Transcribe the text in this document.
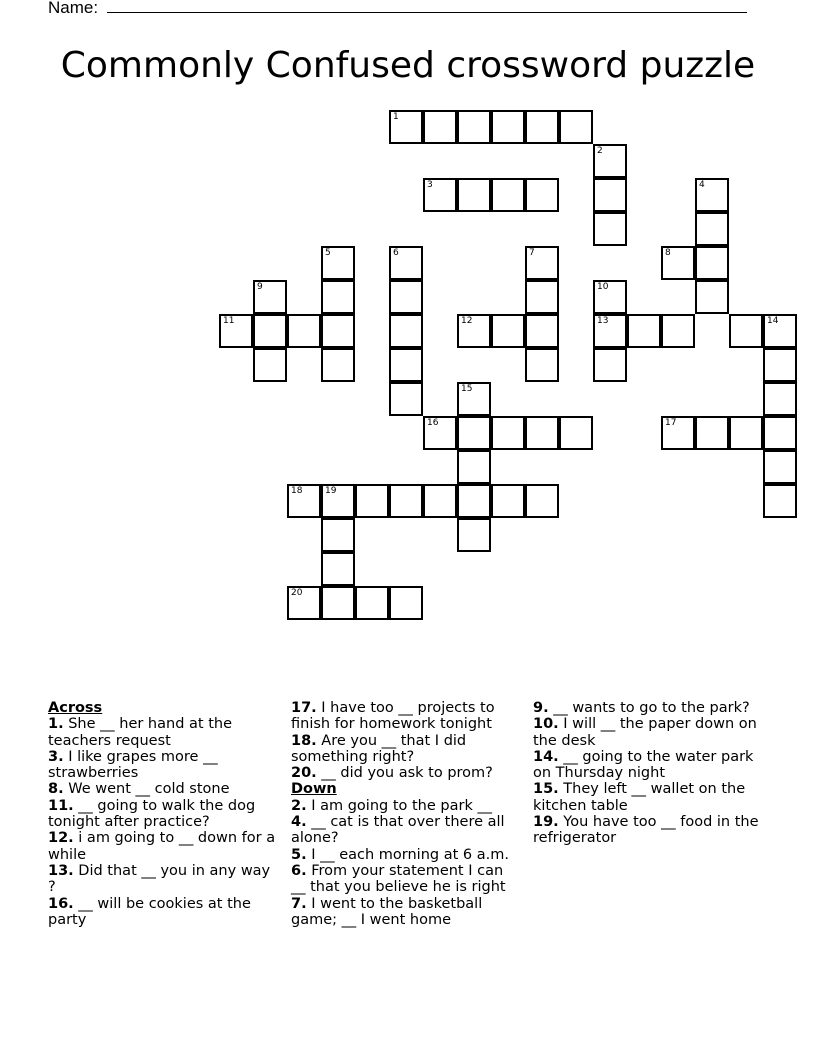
Name:
Commonly Confused crossword puzzle
1
2
3	4
5	6	7	8
9	10
13
11	12	14
15
16	17
18	19
20
Across
1. She __ her hand at the teachers request
3. I like grapes more __ strawberries
8. We went __ cold stone
11. __ going to walk the dog tonight after practice?
12. i am going to __ down for a while
13. Did that __ you in any way ?
16. __ will be cookies at the party
17. I have too __ projects to finish for homework tonight
18. Are you __ that I did something right?
20. __ did you ask to prom?
Down
2. I am going to the park __
4. __ cat is that over there all alone?
5. I __ each morning at 6 a.m.
6. From your statement I can __ that you believe he is right
7. I went to the basketball game; __ I went home
9. __ wants to go to the park?
10. I will __ the paper down on the desk
14. __ going to the water park on Thursday night
15. They left __ wallet on the kitchen table
19. You have too __ food in the refrigerator
